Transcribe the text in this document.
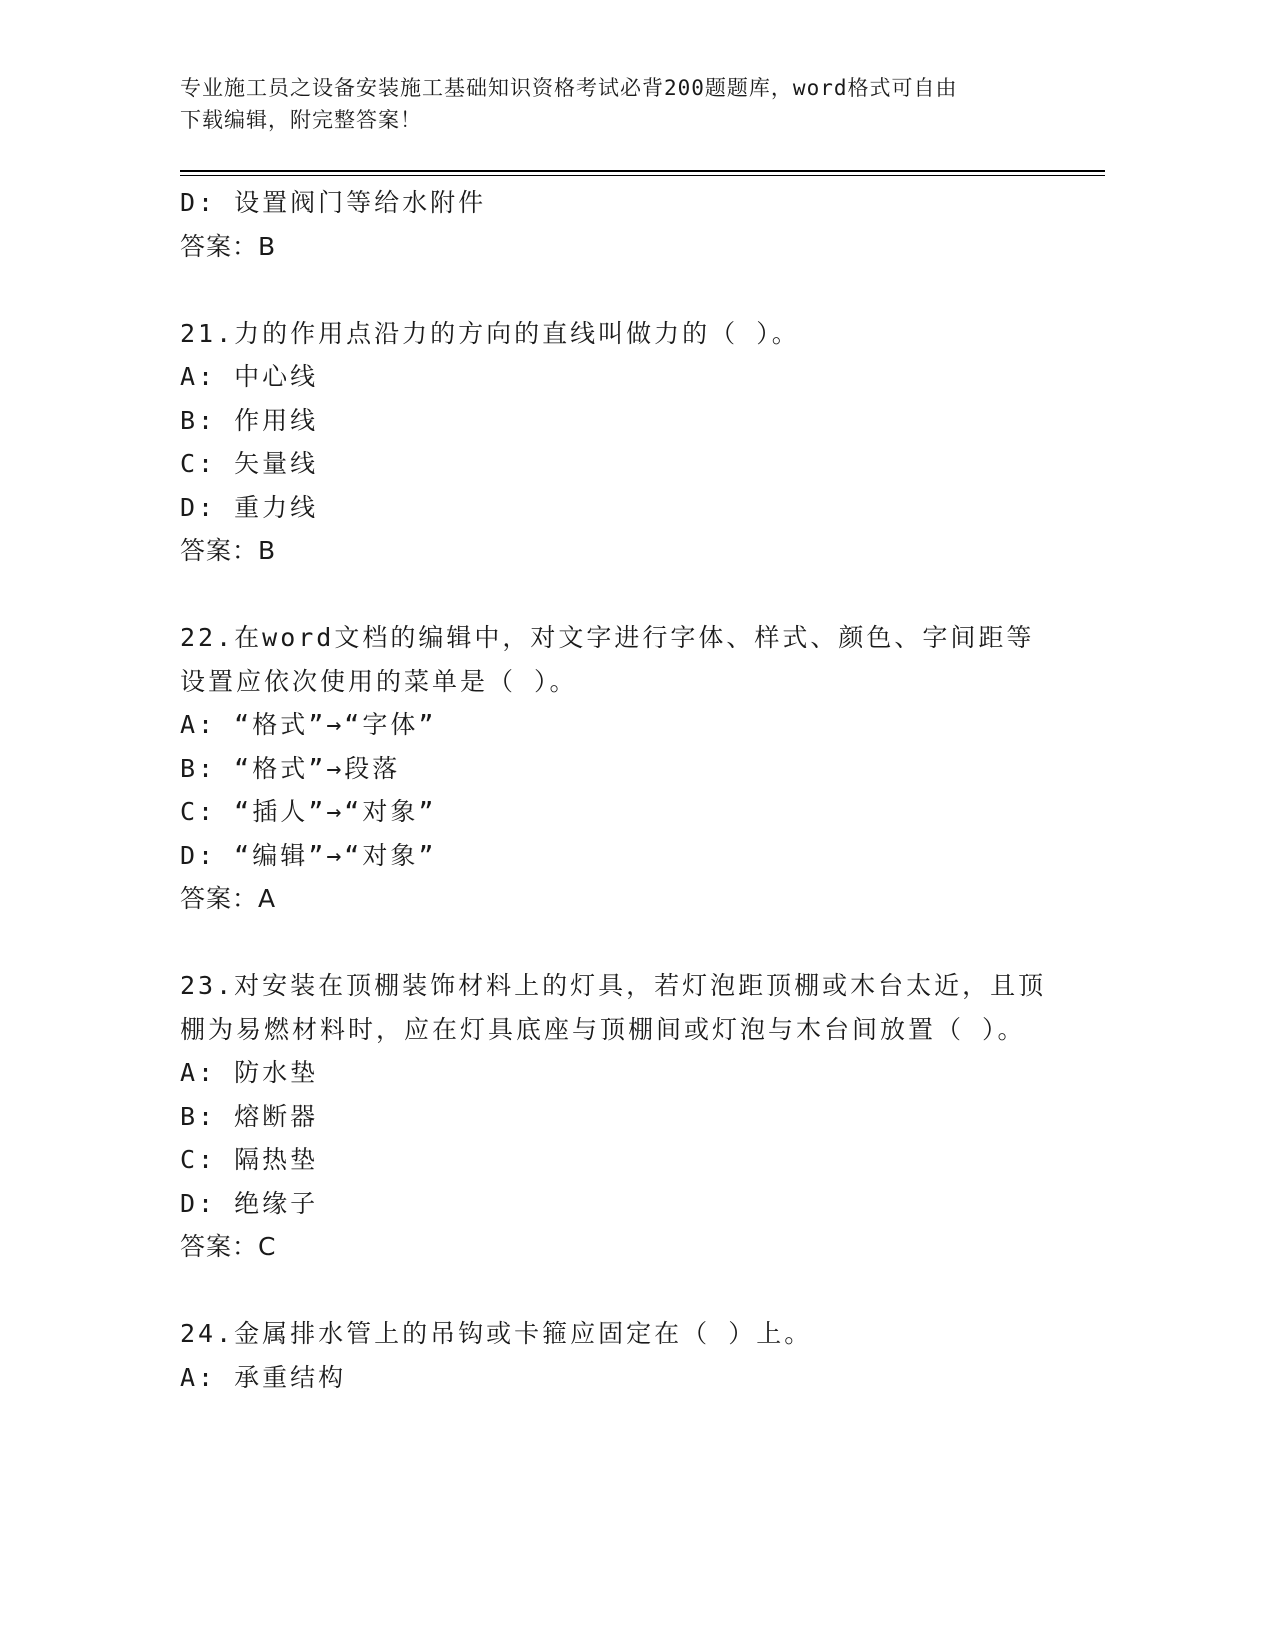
专业施工员之设备安装施工基础知识资格考试必背200题题库，word格式可自由
下载编辑，附完整答案！
D: 设置阀门等给水附件
答案：B
21.力的作用点沿力的方向的直线叫做力的（ ）。
A: 中心线
B: 作用线
C: 矢量线
D: 重力线
答案：B
22.在word文档的编辑中，对文字进行字体、样式、颜色、字间距等
设置应依次使用的菜单是（ ）。
A: “格式”→“字体”
B: “格式”→段落
C: “插人”→“对象”
D: “编辑”→“对象”
答案：A
23.对安装在顶棚装饰材料上的灯具，若灯泡距顶棚或木台太近，且顶
棚为易燃材料时，应在灯具底座与顶棚间或灯泡与木台间放置（ ）。
A: 防水垫
B: 熔断器
C: 隔热垫
D: 绝缘子
答案：C
24.金属排水管上的吊钩或卡箍应固定在（ ）上。
A: 承重结构
